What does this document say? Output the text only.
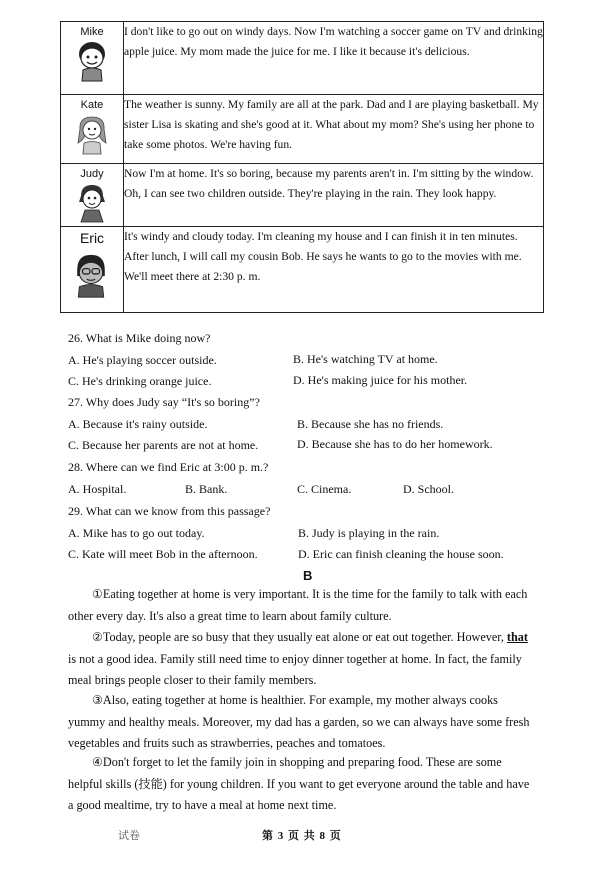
Mike	I don't like to go out on windy days. Now I'm watching a soccer game on TV and drinking apple juice. My mom made the juice for me. I like it because it's delicious.

Kate	The weather is sunny. My family are all at the park. Dad and I are playing basketball. My sister Lisa is skating and she's good at it. What about my mom? She's using her phone to take some photos. We're having fun.

Judy	Now I'm at home. It's so boring, because my parents aren't in. I'm sitting by the window. Oh, I can see two children outside. They're playing in the rain. They look happy.

Eric	It's windy and cloudy today. I'm cleaning my house and I can finish it in ten minutes. After lunch, I will call my cousin Bob. He says he wants to go to the movies with me.
We'll meet there at 2:30 p. m.
26. What is Mike doing now?
A. He's playing soccer outside.	B. He's watching TV at home.
C. He's drinking orange juice.	D. He's making juice for his mother.
27. Why does Judy say “It's so boring”?
A. Because it's rainy outside.	B. Because she has no friends.
C. Because her parents are not at home.	D. Because she has to do her homework.
28. Where can we find Eric at 3:00 p. m.?
A. Hospital.	B. Bank.	C. Cinema.	D. School.
29. What can we know from this passage?
A. Mike has to go out today.	B. Judy is playing in the rain.
C. Kate will meet Bob in the afternoon.	D. Eric can finish cleaning the house soon.
B
①Eating together at home is very important. It is the time for the family to talk with each other every day. It's also a great time to learn about family culture.
②Today, people are so busy that they usually eat alone or eat out together. However, that is not a good idea. Family still need time to enjoy dinner together at home. In fact, the family meal brings people closer to their family members.
③Also, eating together at home is healthier. For example, my mother always cooks yummy and healthy meals. Moreover, my dad has a garden, so we can always have some fresh vegetables and fruits such as strawberries, peaches and tomatoes.
④Don't forget to let the family join in shopping and preparing food. These are some helpful skills (技能) for young children. If you want to get everyone around the table and have a good mealtime, try to have a meal at home next time.
试卷	第 3 页 共 8 页
